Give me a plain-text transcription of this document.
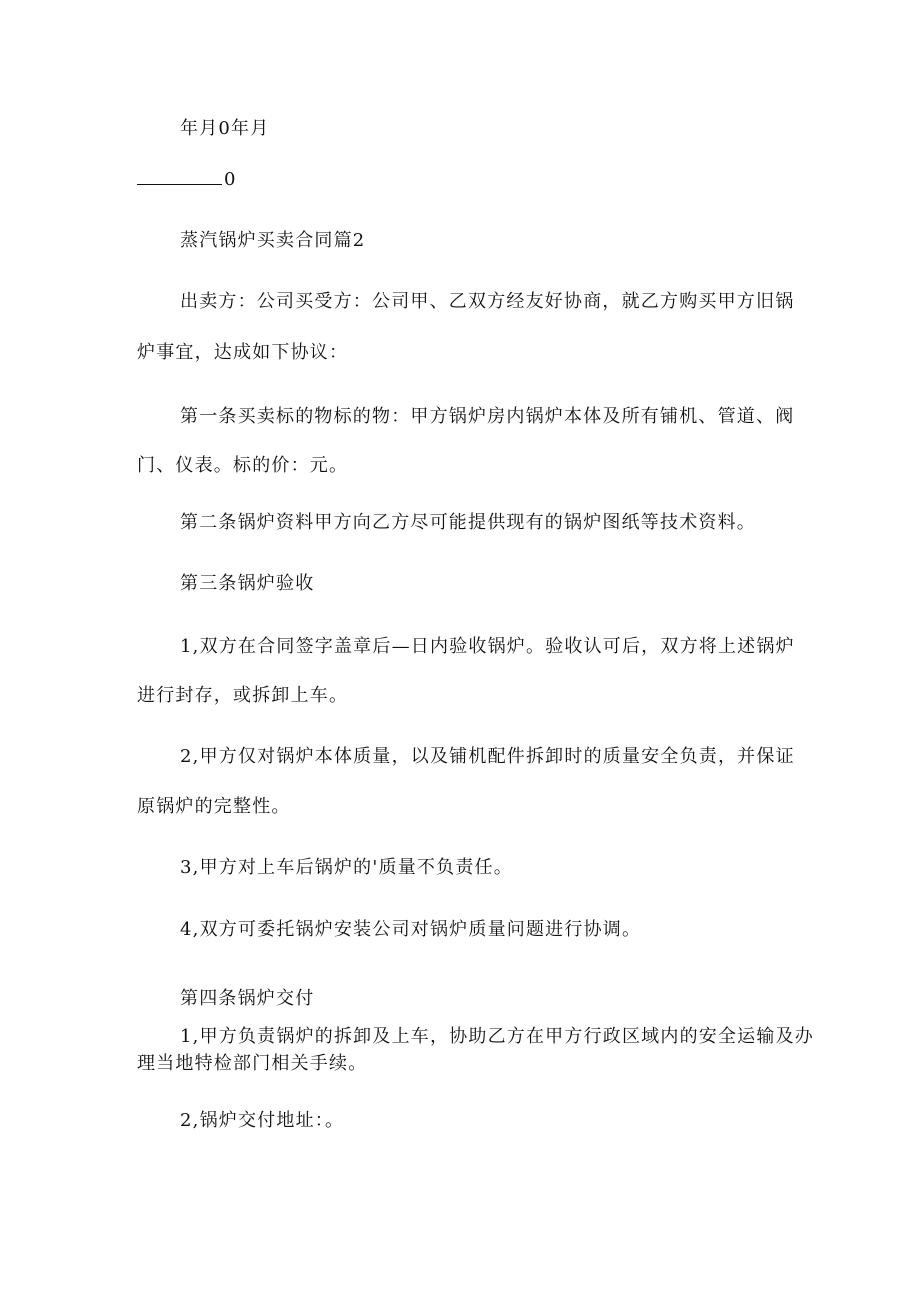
年月0年月
0
蒸汽锅炉买卖合同篇2
出卖方：公司买受方：公司甲、乙双方经友好协商，就乙方购买甲方旧锅
炉事宜，达成如下协议：
第一条买卖标的物标的物：甲方锅炉房内锅炉本体及所有铺机、管道、阀
门、仪表。标的价：元。
第二条锅炉资料甲方向乙方尽可能提供现有的锅炉图纸等技术资料。
第三条锅炉验收
1,双方在合同签字盖章后—日内验收锅炉。验收认可后，双方将上述锅炉
进行封存，或拆卸上车。
2,甲方仅对锅炉本体质量，以及铺机配件拆卸时的质量安全负责，并保证
原锅炉的完整性。
3,甲方对上车后锅炉的'质量不负责任。
4,双方可委托锅炉安装公司对锅炉质量问题进行协调。
第四条锅炉交付
1,甲方负责锅炉的拆卸及上车，协助乙方在甲方行政区域内的安全运输及办
理当地特检部门相关手续。
2,锅炉交付地址：。
